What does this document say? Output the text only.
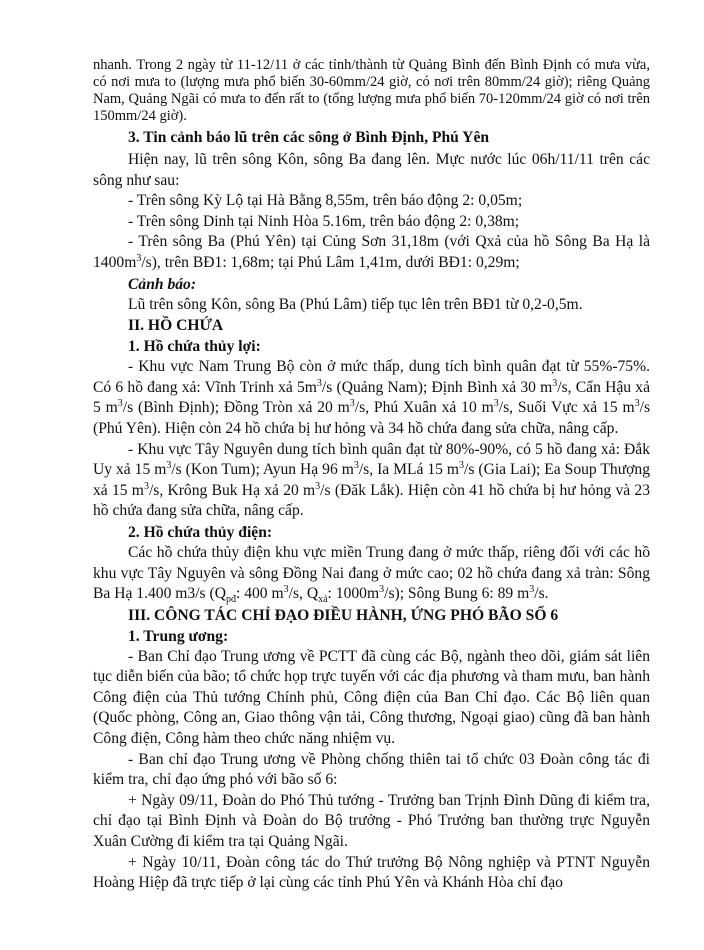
nhanh. Trong 2 ngày từ 11-12/11 ở các tỉnh/thành từ Quảng Bình đến Bình Định có mưa vừa, có nơi mưa to (lượng mưa phổ biến 30-60mm/24 giờ, có nơi trên 80mm/24 giờ); riêng Quảng Nam, Quảng Ngãi có mưa to đến rất to (tổng lượng mưa phổ biến 70-120mm/24 giờ có nơi trên 150mm/24 giờ).

3. Tin cảnh báo lũ trên các sông ở Bình Định, Phú Yên

Hiện nay, lũ trên sông Kôn, sông Ba đang lên. Mực nước lúc 06h/11/11 trên các sông như sau:

- Trên sông Kỳ Lộ tại Hà Bằng 8,55m, trên báo động 2: 0,05m;

- Trên sông Dinh tại Ninh Hòa 5.16m, trên báo động 2: 0,38m;

- Trên sông Ba (Phú Yên) tại Củng Sơn 31,18m (với Qxả của hồ Sông Ba Hạ là $1400m^3/s$), trên BĐ1: 1,68m; tại Phú Lâm 1,41m, dưới BĐ1: 0,29m;

Cảnh báo:

Lũ trên sông Kôn, sông Ba (Phú Lâm) tiếp tục lên trên BĐ1 từ 0,2-0,5m.

II. HỒ CHỨA

1. Hồ chứa thủy lợi:

- Khu vực Nam Trung Bộ còn ở mức thấp, dung tích bình quân đạt từ 55%-75%. Có 6 hồ đang xả: Vĩnh Trinh xả $5m^3/s$ (Quảng Nam); Định Bình xả 30 $m^3/s$, Cẩn Hậu xả 5 $m^3/s$ (Bình Định); Đồng Tròn xả 20 $m^3/s$, Phú Xuân xả 10 $m^3/s$, Suối Vực xả 15 $m^3/s$ (Phú Yên). Hiện còn 24 hồ chứa bị hư hỏng và 34 hồ chứa đang sửa chữa, nâng cấp.

- Khu vực Tây Nguyên dung tích bình quân đạt từ 80%-90%, có 5 hồ đang xả: Đắk Uy xả 15 $m^3/s$ (Kon Tum); Ayun Hạ 96 $m^3/s$, Ia MLá 15 $m^3/s$ (Gia Lai); Ea Soup Thượng xả 15 $m^3/s$, Krông Buk Hạ xả 20 $m^3/s$ (Đăk Lắk). Hiện còn 41 hồ chứa bị hư hỏng và 23 hồ chứa đang sửa chữa, nâng cấp.

2. Hồ chứa thủy điện:

Các hồ chứa thủy điện khu vực miền Trung đang ở mức thấp, riêng đối với các hồ khu vực Tây Nguyên và sông Đồng Nai đang ở mức cao; 02 hồ chứa đang xả tràn: Sông Ba Hạ 1.400 m3/s ($Q_{pđ}$: 400 $m^3/s$, $Q_{xả}$: $1000m^3/s$); Sông Bung 6: 89 $m^3/s$.

III. CÔNG TÁC CHỈ ĐẠO ĐIỀU HÀNH, ỨNG PHÓ BÃO SỐ 6

1. Trung ương:

- Ban Chỉ đạo Trung ương về PCTT đã cùng các Bộ, ngành theo dõi, giám sát liên tục diễn biến của bão; tổ chức họp trực tuyến với các địa phương và tham mưu, ban hành Công điện của Thủ tướng Chính phủ, Công điện của Ban Chỉ đạo. Các Bộ liên quan (Quốc phòng, Công an, Giao thông vận tải, Công thương, Ngoại giao) cũng đã ban hành Công điện, Công hàm theo chức năng nhiệm vụ.

- Ban chỉ đạo Trung ương về Phòng chống thiên tai tổ chức 03 Đoàn công tác đi kiểm tra, chỉ đạo ứng phó với bão số 6:

+ Ngày 09/11, Đoàn do Phó Thủ tướng - Trưởng ban Trịnh Đình Dũng đi kiểm tra, chỉ đạo tại Bình Định và Đoàn do Bộ trưởng - Phó Trưởng ban thường trực Nguyễn Xuân Cường đi kiểm tra tại Quảng Ngãi.

+ Ngày 10/11, Đoàn công tác do Thứ trưởng Bộ Nông nghiệp và PTNT Nguyễn Hoàng Hiệp đã trực tiếp ở lại cùng các tỉnh Phú Yên và Khánh Hòa chỉ đạo
